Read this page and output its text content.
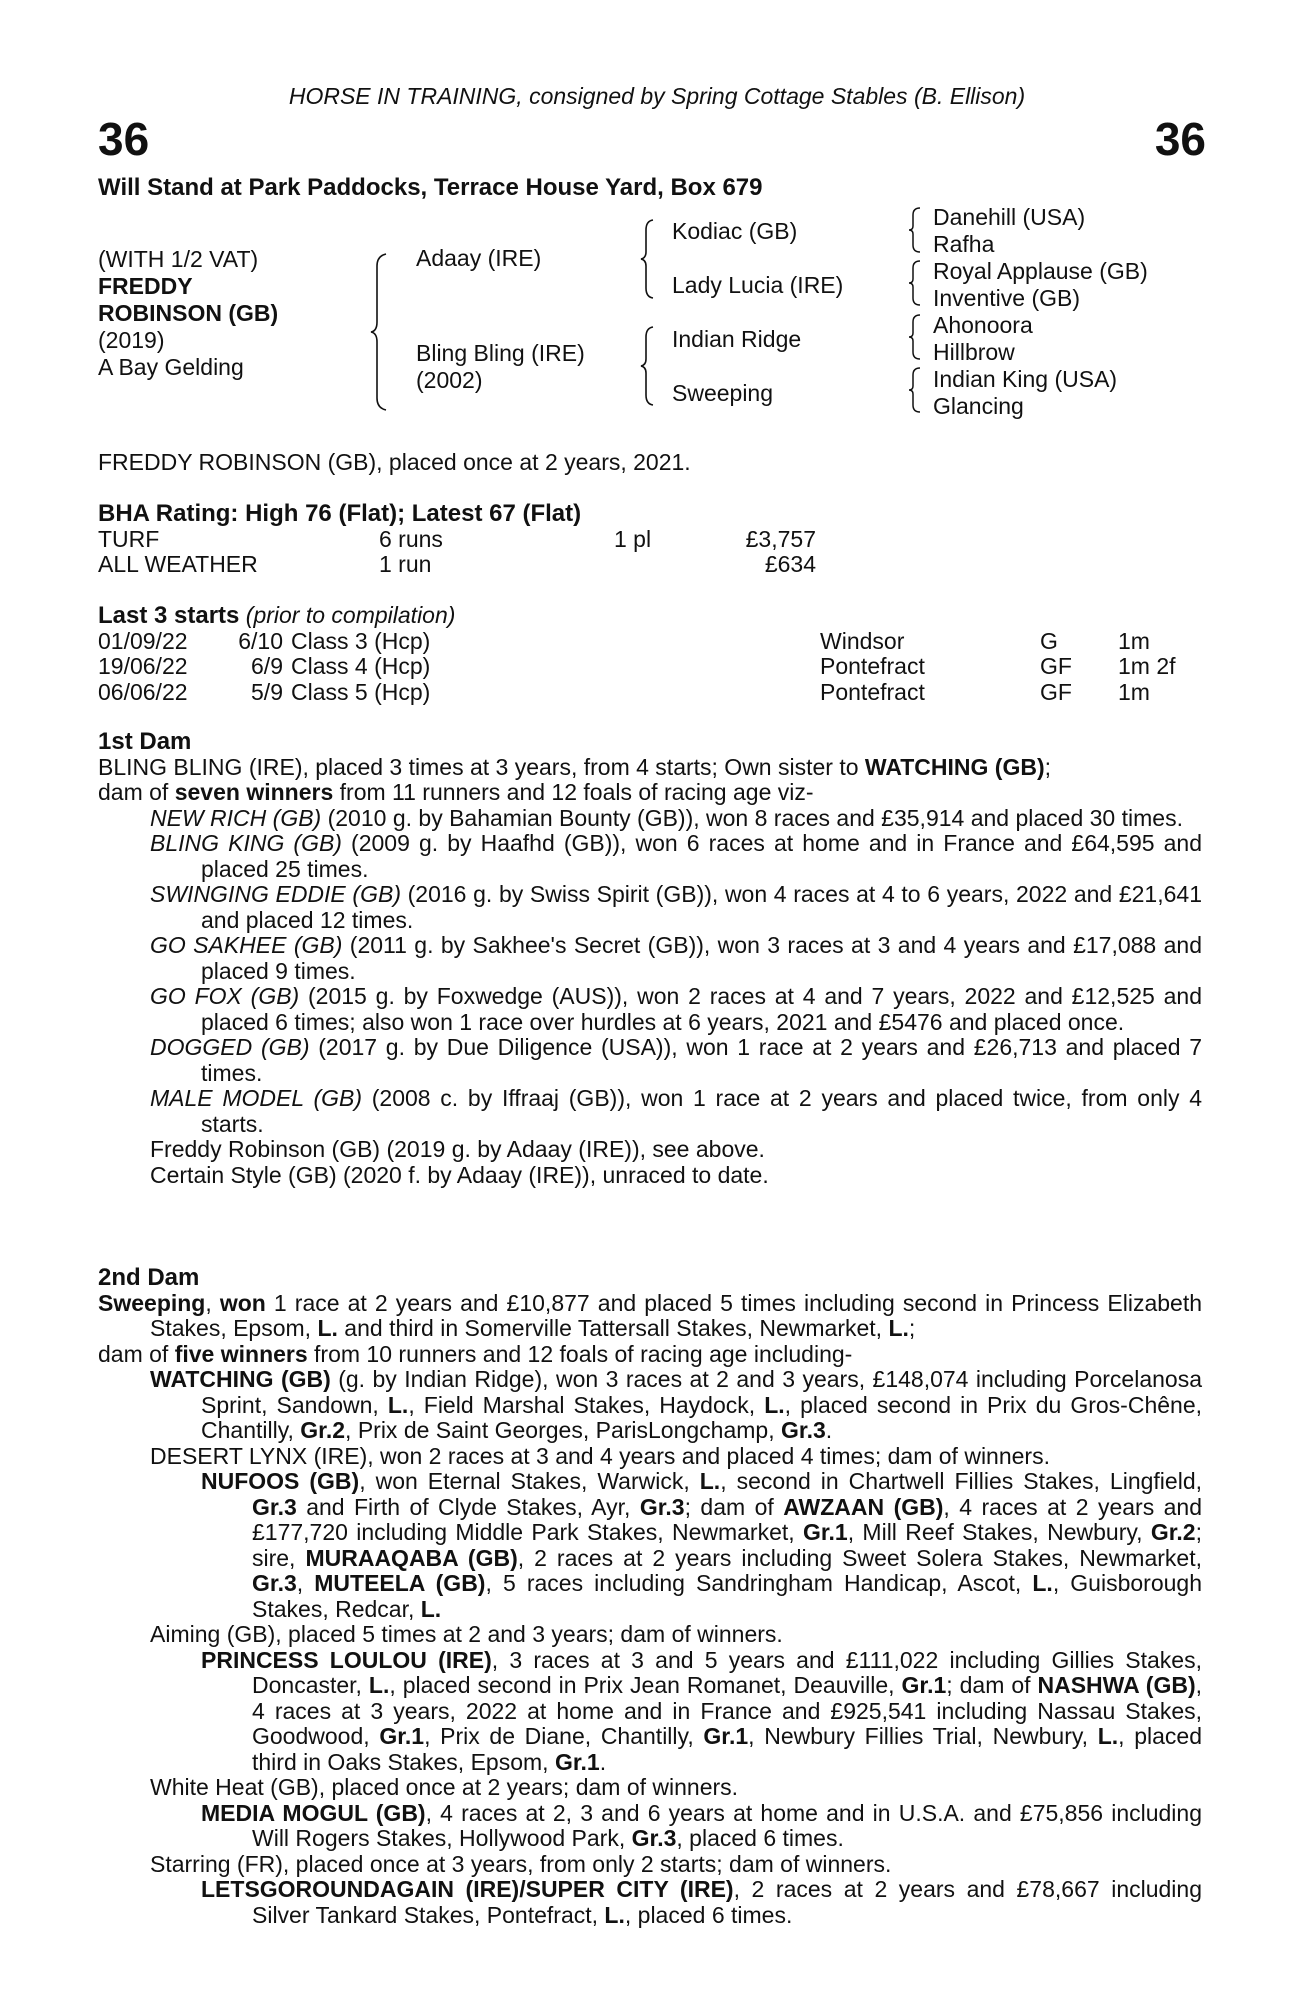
HORSE IN TRAINING, consigned by Spring Cottage Stables (B. Ellison)
36	36
Will Stand at Park Paddocks, Terrace House Yard, Box 679
(WITH 1/2 VAT)
FREDDY
ROBINSON (GB)
(2019)
A Bay Gelding
Adaay (IRE)
Bling Bling (IRE)
(2002)
Kodiac (GB)
Lady Lucia (IRE)
Indian Ridge
Sweeping
Danehill (USA)
Rafha
Royal Applause (GB)
Inventive (GB)
Ahonoora
Hillbrow
Indian King (USA)
Glancing
FREDDY ROBINSON (GB), placed once at 2 years, 2021.
BHA Rating: High 76 (Flat); Latest 67 (Flat)
TURF	6 runs	1 pl	£3,757
ALL WEATHER	1 run	£634
Last 3 starts (prior to compilation)
01/09/22	6/10 Class 3 (Hcp)	Windsor	G	1m
19/06/22	6/9 Class 4 (Hcp)	Pontefract	GF 1m 2f
06/06/22	5/9 Class 5 (Hcp)	Pontefract	GF 1m
1st Dam

BLING BLING (IRE), placed 3 times at 3 years, from 4 starts; Own sister to WATCHING (GB);

dam of seven winners from 11 runners and 12 foals of racing age viz-

NEW RICH (GB) (2010 g. by Bahamian Bounty (GB)), won 8 races and £35,914 and placed 30 times.

BLING KING (GB) (2009 g. by Haafhd (GB)), won 6 races at home and in France and £64,595 and placed 25 times.

SWINGING EDDIE (GB) (2016 g. by Swiss Spirit (GB)), won 4 races at 4 to 6 years, 2022 and £21,641 and placed 12 times.

GO SAKHEE (GB) (2011 g. by Sakhee's Secret (GB)), won 3 races at 3 and 4 years and £17,088 and placed 9 times.

GO FOX (GB) (2015 g. by Foxwedge (AUS)), won 2 races at 4 and 7 years, 2022 and £12,525 and placed 6 times; also won 1 race over hurdles at 6 years, 2021 and £5476 and placed once.

DOGGED (GB) (2017 g. by Due Diligence (USA)), won 1 race at 2 years and £26,713 and placed 7 times.

MALE MODEL (GB) (2008 c. by Iffraaj (GB)), won 1 race at 2 years and placed twice, from only 4 starts.

Freddy Robinson (GB) (2019 g. by Adaay (IRE)), see above.

Certain Style (GB) (2020 f. by Adaay (IRE)), unraced to date.

2nd Dam

Sweeping, won 1 race at 2 years and £10,877 and placed 5 times including second in Princess Elizabeth Stakes, Epsom, L. and third in Somerville Tattersall Stakes, Newmarket, L.;

dam of five winners from 10 runners and 12 foals of racing age including-

WATCHING (GB) (g. by Indian Ridge), won 3 races at 2 and 3 years, £148,074 including Porcelanosa Sprint, Sandown, L., Field Marshal Stakes, Haydock, L., placed second in Prix du Gros-Chêne, Chantilly, Gr.2, Prix de Saint Georges, ParisLongchamp, Gr.3.

DESERT LYNX (IRE), won 2 races at 3 and 4 years and placed 4 times; dam of winners.

NUFOOS (GB), won Eternal Stakes, Warwick, L., second in Chartwell Fillies Stakes, Lingfield, Gr.3 and Firth of Clyde Stakes, Ayr, Gr.3; dam of AWZAAN (GB), 4 races at 2 years and £177,720 including Middle Park Stakes, Newmarket, Gr.1, Mill Reef Stakes, Newbury, Gr.2; sire, MURAAQABA (GB), 2 races at 2 years including Sweet Solera Stakes, Newmarket, Gr.3, MUTEELA (GB), 5 races including Sandringham Handicap, Ascot, L., Guisborough Stakes, Redcar, L.

Aiming (GB), placed 5 times at 2 and 3 years; dam of winners.

PRINCESS LOULOU (IRE), 3 races at 3 and 5 years and £111,022 including Gillies Stakes, Doncaster, L., placed second in Prix Jean Romanet, Deauville, Gr.1; dam of NASHWA (GB), 4 races at 3 years, 2022 at home and in France and £925,541 including Nassau Stakes, Goodwood, Gr.1, Prix de Diane, Chantilly, Gr.1, Newbury Fillies Trial, Newbury, L., placed third in Oaks Stakes, Epsom, Gr.1.

White Heat (GB), placed once at 2 years; dam of winners.

MEDIA MOGUL (GB), 4 races at 2, 3 and 6 years at home and in U.S.A. and £75,856 including Will Rogers Stakes, Hollywood Park, Gr.3, placed 6 times.

Starring (FR), placed once at 3 years, from only 2 starts; dam of winners.

LETSGOROUNDAGAIN (IRE)/SUPER CITY (IRE), 2 races at 2 years and £78,667 including Silver Tankard Stakes, Pontefract, L., placed 6 times.
